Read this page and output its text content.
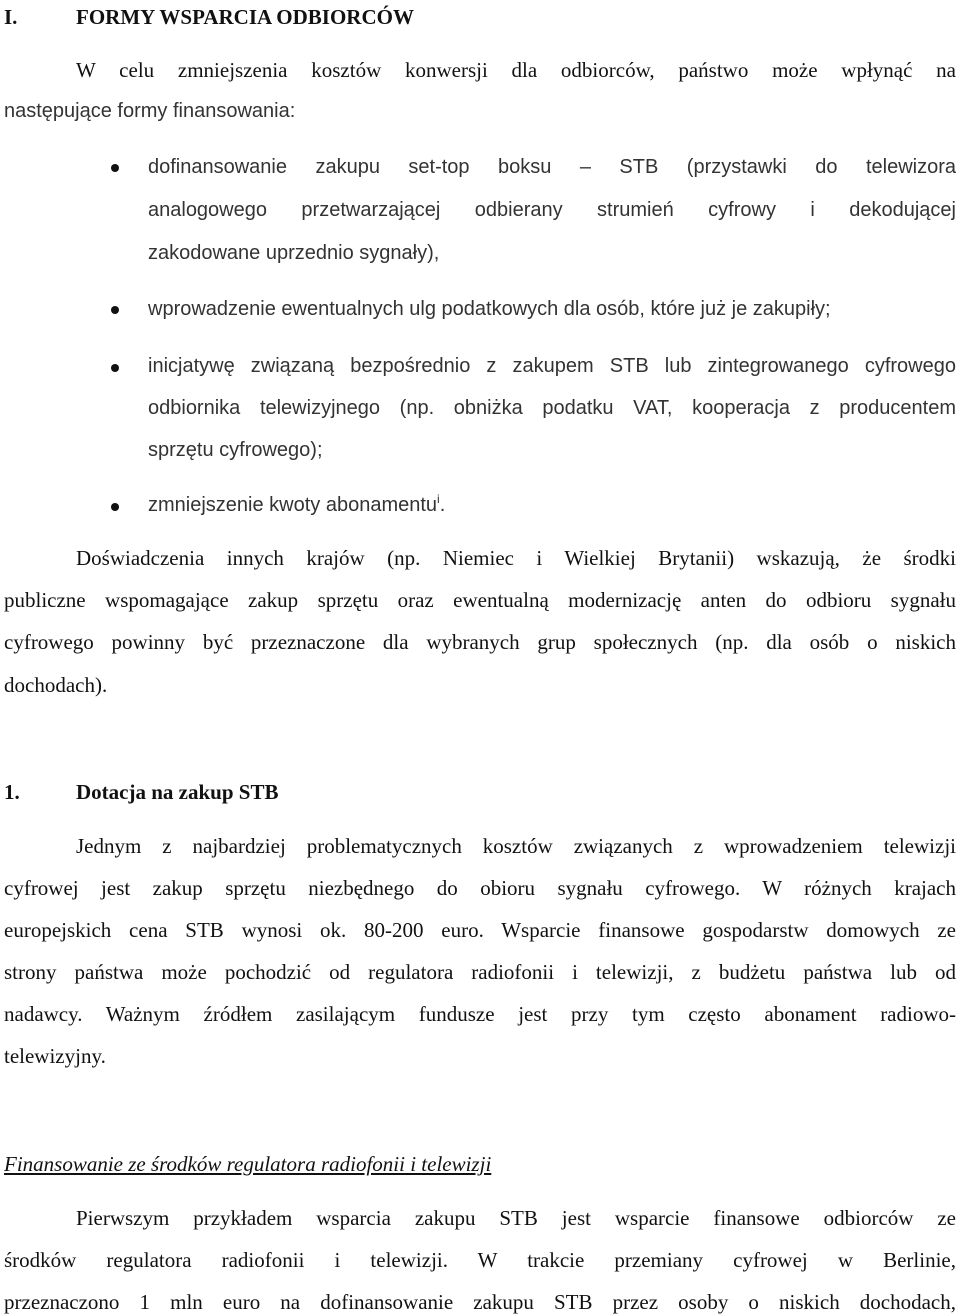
I.	FORMY WSPARCIA ODBIORCÓW
W celu zmniejszenia kosztów konwersji dla odbiorców, państwo może wpłynąć na
następujące formy finansowania:
dofinansowanie zakupu set-top boksu – STB (przystawki do telewizora
analogowego przetwarzającej odbierany strumień cyfrowy i dekodującej
zakodowane uprzednio sygnały),
wprowadzenie ewentualnych ulg podatkowych dla osób, które już je zakupiły;
inicjatywę związaną bezpośrednio z zakupem STB lub zintegrowanego cyfrowego
odbiornika telewizyjnego (np. obniżka podatku VAT, kooperacja z producentem
sprzętu cyfrowego);
zmniejszenie kwoty abonamentu$^i$.
Doświadczenia innych krajów (np. Niemiec i Wielkiej Brytanii) wskazują, że środki
publiczne wspomagające zakup sprzętu oraz ewentualną modernizację anten do odbioru sygnału
cyfrowego powinny być przeznaczone dla wybranych grup społecznych (np. dla osób o niskich
dochodach).
1.	Dotacja na zakup STB
Jednym z najbardziej problematycznych kosztów związanych z wprowadzeniem telewizji
cyfrowej jest zakup sprzętu niezbędnego do obioru sygnału cyfrowego. W różnych krajach
europejskich cena STB wynosi ok. 80-200 euro. Wsparcie finansowe gospodarstw domowych ze
strony państwa może pochodzić od regulatora radiofonii i telewizji, z budżetu państwa lub od
nadawcy. Ważnym źródłem zasilającym fundusze jest przy tym często abonament radiowo-
telewizyjny.
Finansowanie ze środków regulatora radiofonii i telewizji
Pierwszym przykładem wsparcia zakupu STB jest wsparcie finansowe odbiorców ze
środków regulatora radiofonii i telewizji. W trakcie przemiany cyfrowej w Berlinie,
przeznaczono 1 mln euro na dofinansowanie zakupu STB przez osoby o niskich dochodach,
